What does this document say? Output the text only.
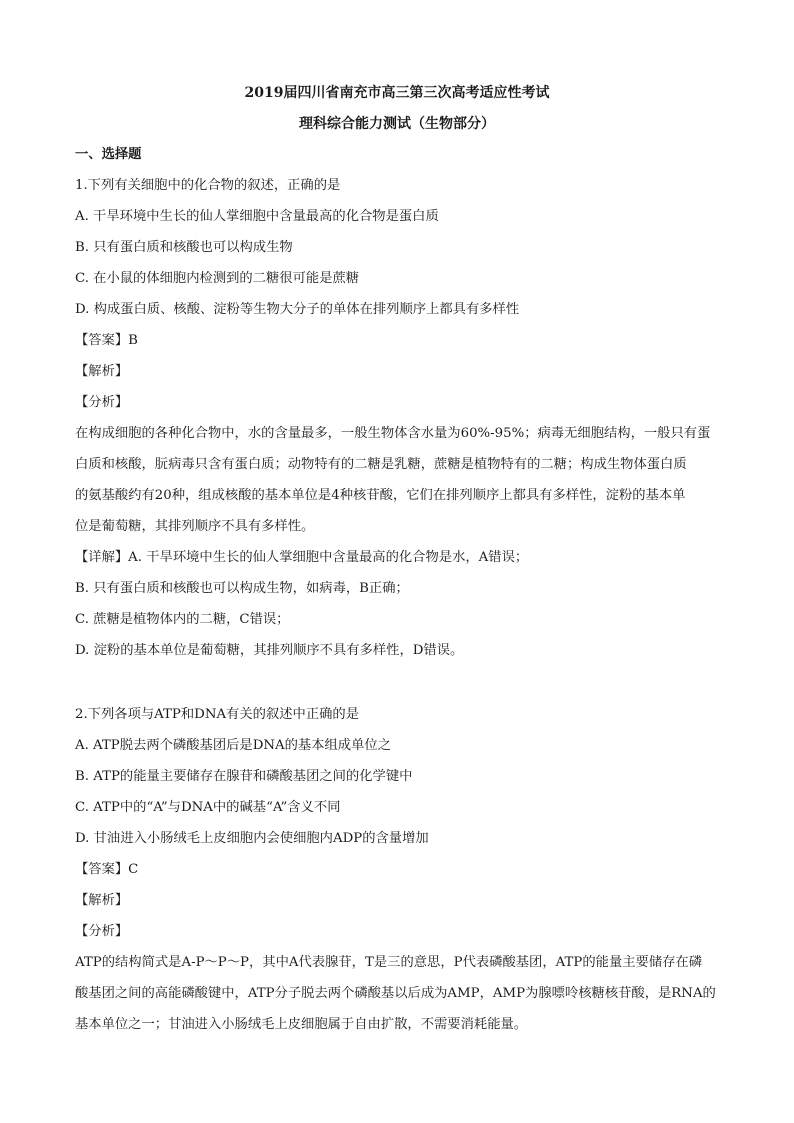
2019届四川省南充市高三第三次高考适应性考试
理科综合能力测试（生物部分）
一、选择题
1.下列有关细胞中的化合物的叙述，正确的是
A. 干旱环境中生长的仙人掌细胞中含量最高的化合物是蛋白质
B. 只有蛋白质和核酸也可以构成生物
C. 在小鼠的体细胞内检测到的二糖很可能是蔗糖
D. 构成蛋白质、核酸、淀粉等生物大分子的单体在排列顺序上都具有多样性
【答案】B
【解析】
【分析】
在构成细胞的各种化合物中，水的含量最多，一般生物体含水量为60%-95%；病毒无细胞结构，一般只有蛋
白质和核酸，朊病毒只含有蛋白质；动物特有的二糖是乳糖，蔗糖是植物特有的二糖；构成生物体蛋白质
的氨基酸约有20种，组成核酸的基本单位是4种核苷酸，它们在排列顺序上都具有多样性，淀粉的基本单
位是葡萄糖，其排列顺序不具有多样性。
【详解】A. 干旱环境中生长的仙人掌细胞中含量最高的化合物是水，A错误；
B. 只有蛋白质和核酸也可以构成生物，如病毒，B正确；
C. 蔗糖是植物体内的二糖，C错误；
D. 淀粉的基本单位是葡萄糖，其排列顺序不具有多样性，D错误。
2.下列各项与ATP和DNA有关的叙述中正确的是
A. ATP脱去两个磷酸基团后是DNA的基本组成单位之
B. ATP的能量主要储存在腺苷和磷酸基团之间的化学键中
C. ATP中的“A”与DNA中的碱基“A”含义不同
D. 甘油进入小肠绒毛上皮细胞内会使细胞内ADP的含量增加
【答案】C
【解析】
【分析】
ATP的结构简式是A-P～P～P，其中A代表腺苷，T是三的意思，P代表磷酸基团，ATP的能量主要储存在磷
酸基团之间的高能磷酸键中，ATP分子脱去两个磷酸基以后成为AMP，AMP为腺嘌呤核糖核苷酸，是RNA的
基本单位之一；甘油进入小肠绒毛上皮细胞属于自由扩散，不需要消耗能量。
